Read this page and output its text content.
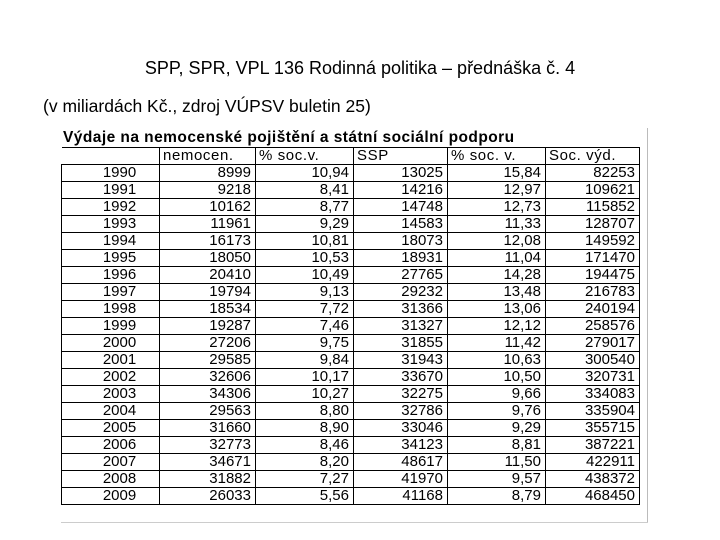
SPP, SPR, VPL 136 Rodinná politika – přednáška č. 4
(v miliardách Kč., zdroj VÚPSV buletin 25)
Výdaje na nemocenské pojištění a státní sociální podporu
	nemocen.	% soc.v.	SSP	% soc. v.	Soc. výd.
1990	8999	10,94	13025	15,84	82253
1991	9218	8,41	14216	12,97	109621
1992	10162	8,77	14748	12,73	115852
1993	11961	9,29	14583	11,33	128707
1994	16173	10,81	18073	12,08	149592
1995	18050	10,53	18931	11,04	171470
1996	20410	10,49	27765	14,28	194475
1997	19794	9,13	29232	13,48	216783
1998	18534	7,72	31366	13,06	240194
1999	19287	7,46	31327	12,12	258576
2000	27206	9,75	31855	11,42	279017
2001	29585	9,84	31943	10,63	300540
2002	32606	10,17	33670	10,50	320731
2003	34306	10,27	32275	9,66	334083
2004	29563	8,80	32786	9,76	335904
2005	31660	8,90	33046	9,29	355715
2006	32773	8,46	34123	8,81	387221
2007	34671	8,20	48617	11,50	422911
2008	31882	7,27	41970	9,57	438372
2009	26033	5,56	41168	8,79	468450
